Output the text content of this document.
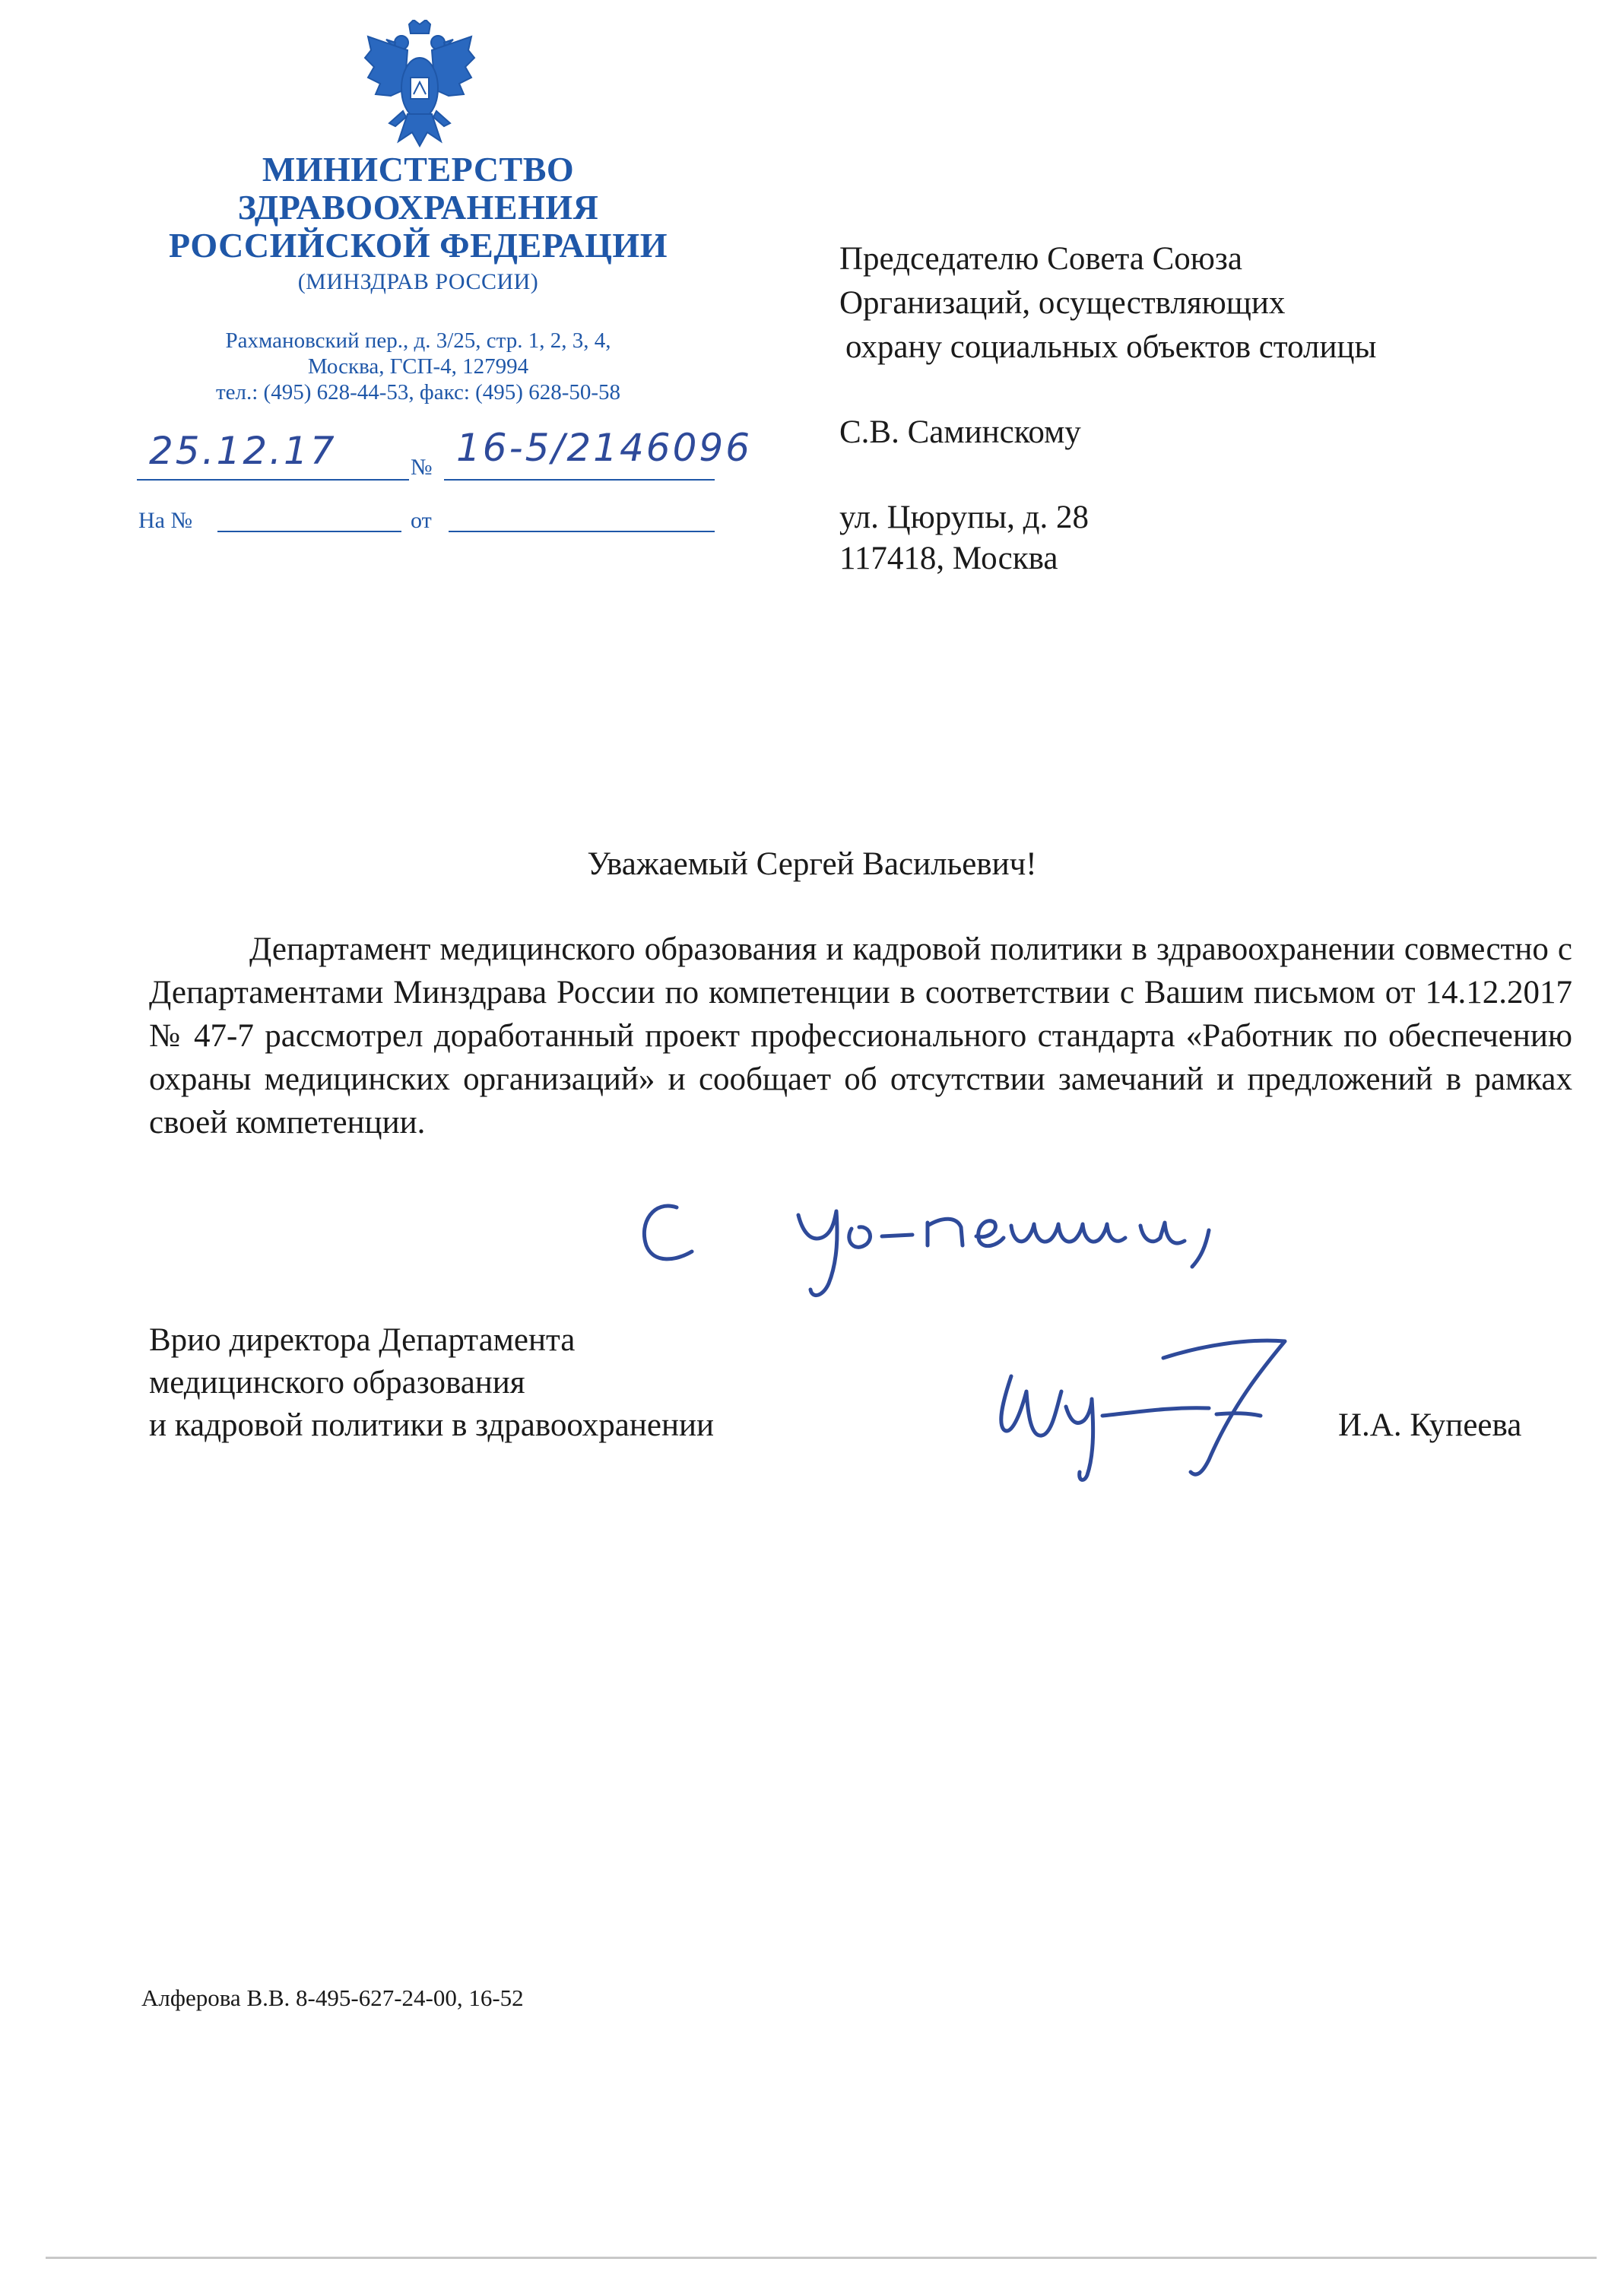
МИНИСТЕРСТВО
ЗДРАВООХРАНЕНИЯ
РОССИЙСКОЙ ФЕДЕРАЦИИ
(МИНЗДРАВ РОССИИ)
Рахмановский пер., д. 3/25, стр. 1, 2, 3, 4,
Москва, ГСП-4, 127994
тел.: (495) 628-44-53, факс: (495) 628-50-58
25.12.17	№ 16-5/2146096
На №	от
Председателю Совета Союза
Организаций, осуществляющих
охрану социальных объектов столицы
С.В. Саминскому
ул. Цюрупы, д. 28
117418, Москва
Уважаемый Сергей Васильевич!

Департамент медицинского образования и кадровой политики в здравоохранении совместно с Департаментами Минздрава России по компетенции в соответствии с Вашим письмом от 14.12.2017 № 47-7 рассмотрел доработанный проект профессионального стандарта «Работник по обеспечению охраны медицинских организаций» и сообщает об отсутствии замечаний и предложений в рамках своей компетенции.

Врио директора Департамента
медицинского образования
и кадровой политики в здравоохранении	И.А. Купеева
Алферова В.В. 8-495-627-24-00, 16-52
